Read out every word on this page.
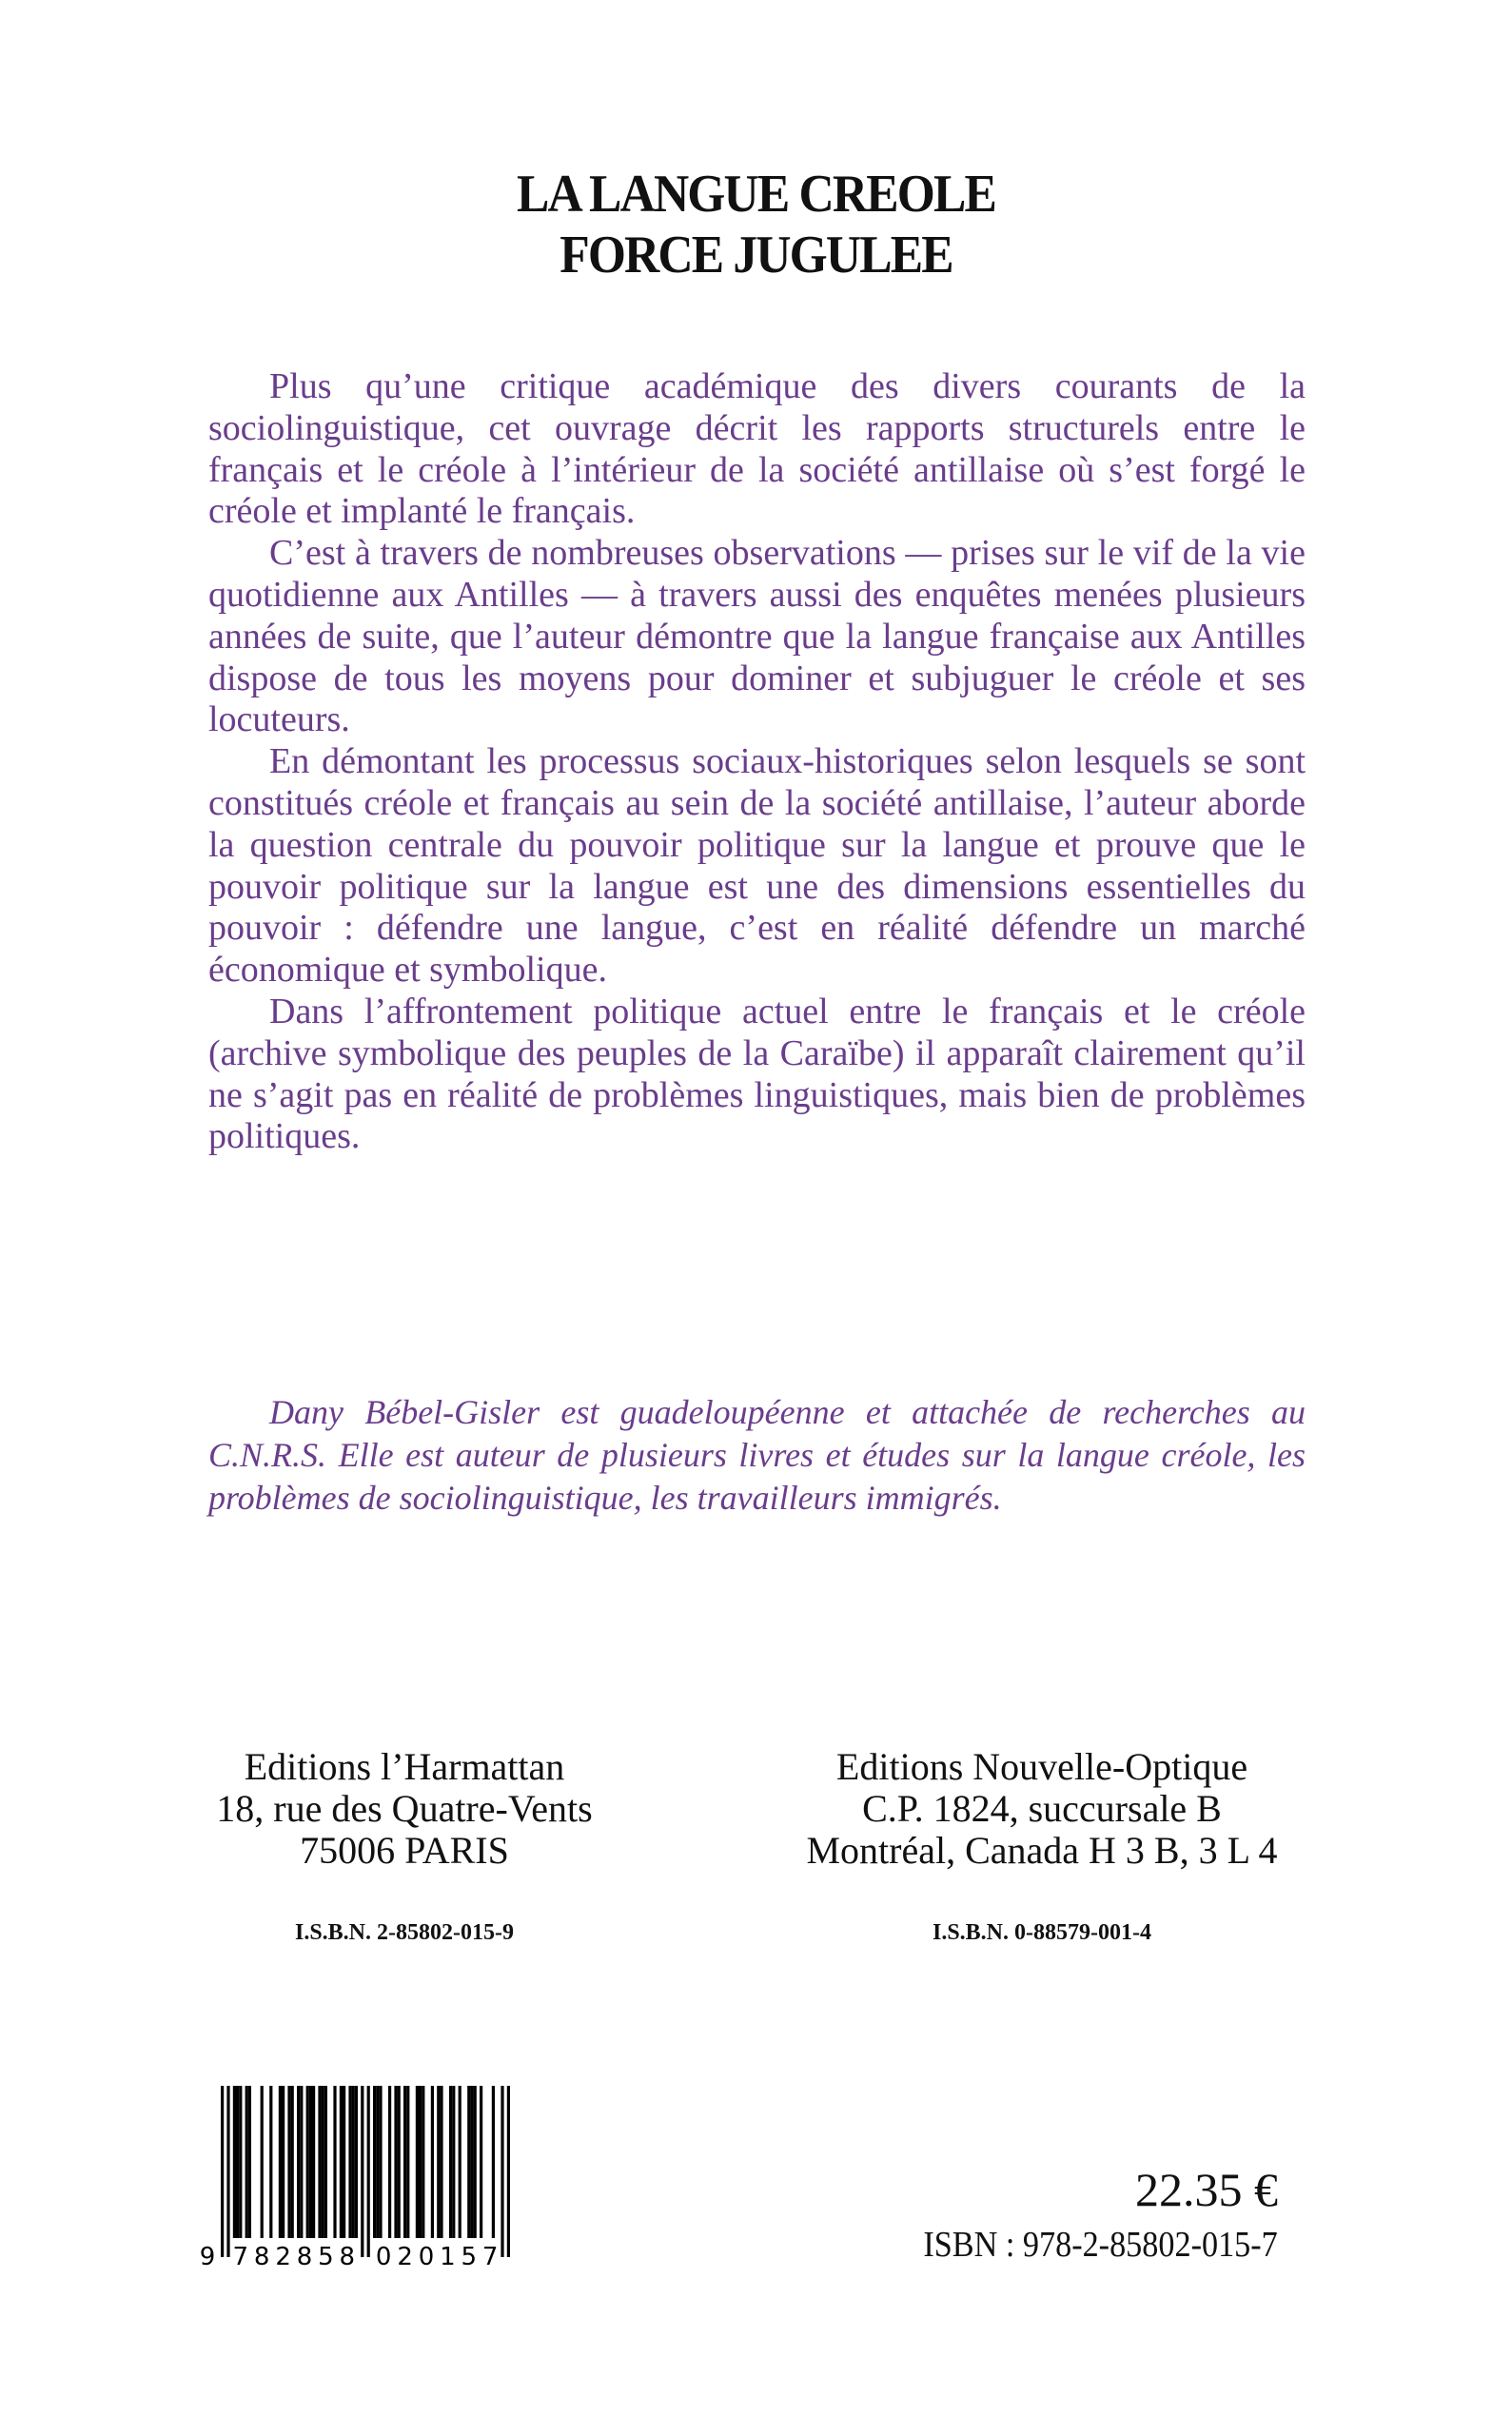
LA LANGUE CREOLE
FORCE JUGULEE

Plus qu’une critique académique des divers courants de la sociolinguistique, cet ouvrage décrit les rapports structurels entre le français et le créole à l’intérieur de la société antillaise où s’est forgé le créole et implanté le français.

C’est à travers de nombreuses observations — prises sur le vif de la vie quotidienne aux Antilles — à travers aussi des enquêtes menées plusieurs années de suite, que l’auteur démontre que la langue française aux Antilles dispose de tous les moyens pour dominer et subjuguer le créole et ses locuteurs.

En démontant les processus sociaux-historiques selon lesquels se sont constitués créole et français au sein de la société antillaise, l’auteur aborde la question centrale du pouvoir politique sur la langue et prouve que le pouvoir politique sur la langue est une des dimensions essentielles du pouvoir : défendre une langue, c’est en réalité défendre un marché économique et symbolique.

Dans l’affrontement politique actuel entre le français et le créole (archive symbolique des peuples de la Caraïbe) il apparaît clairement qu’il ne s’agit pas en réalité de problèmes linguistiques, mais bien de problèmes politiques.

Dany Bébel-Gisler est guadeloupéenne et attachée de recherches au C.N.R.S. Elle est auteur de plusieurs livres et études sur la langue créole, les problèmes de sociolinguistique, les travailleurs immigrés.

Editions l’Harmattan
18, rue des Quatre-Vents
75006 PARIS
Editions Nouvelle-Optique
C.P. 1824, succursale B
Montréal, Canada H 3 B, 3 L 4
I.S.B.N. 2-85802-015-9	I.S.B.N. 0-88579-001-4
9 7 8 2 8 5 8 0 2 0 1 5 7
22.35 €
ISBN : 978-2-85802-015-7
